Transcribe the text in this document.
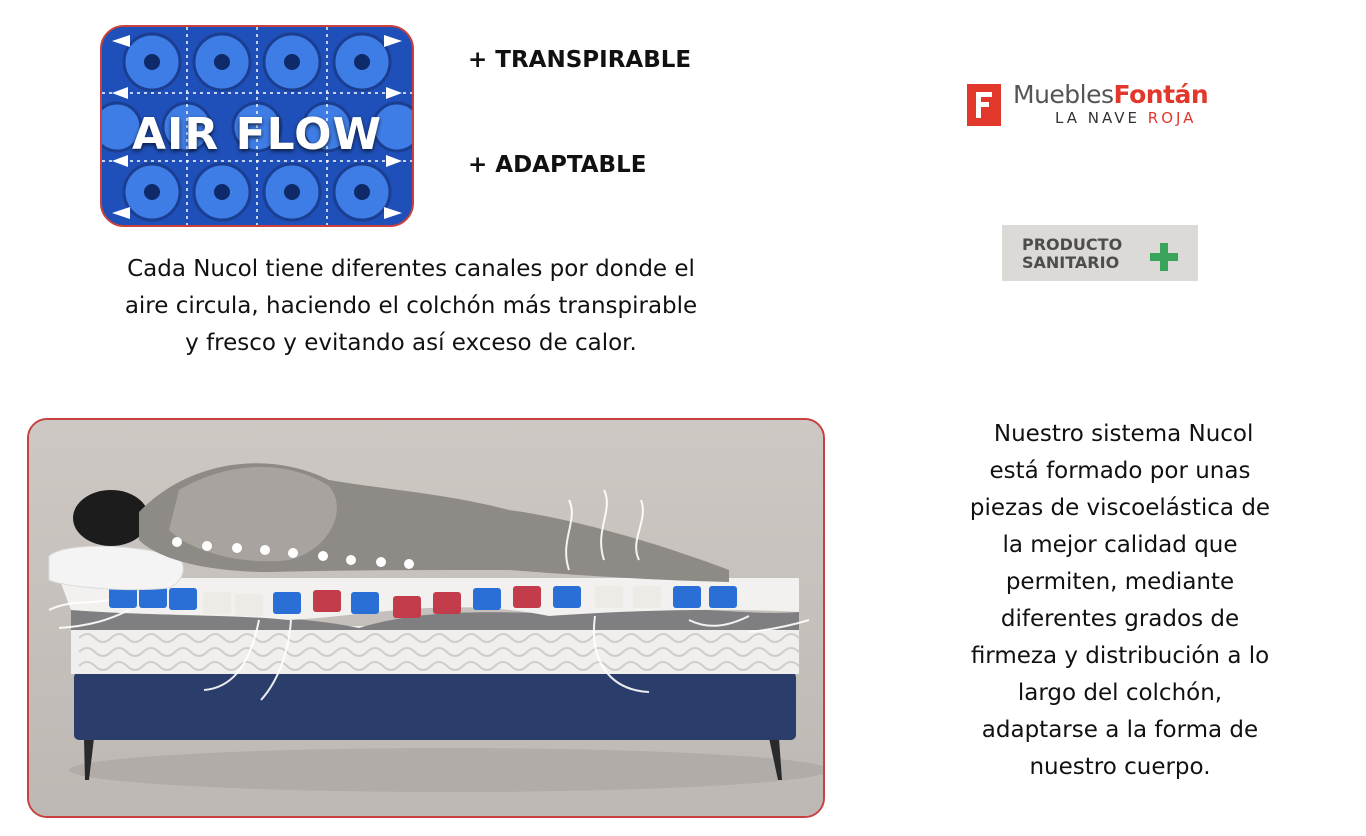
AIR FLOW
+ TRANSPIRABLE
+ ADAPTABLE
Cada Nucol tiene diferentes canales por donde el
aire circula, haciendo el colchón más transpirable
y fresco y evitando así exceso de calor.
MueblesFontán
LA NAVE ROJA
PRODUCTO
SANITARIO
Nuestro sistema Nucol
está formado por unas
piezas de viscoelástica de
la mejor calidad que
permiten, mediante
diferentes grados de
firmeza y distribución a lo
largo del colchón,
adaptarse a la forma de
nuestro cuerpo.
